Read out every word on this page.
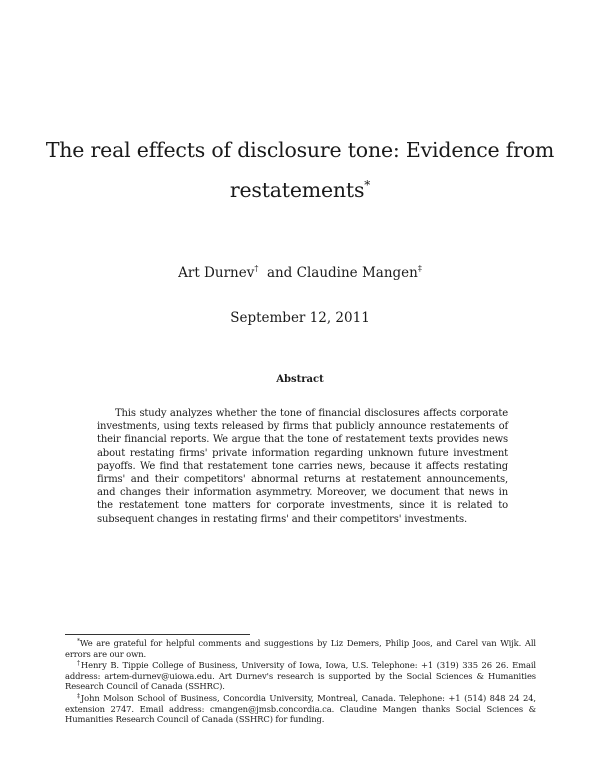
The real effects of disclosure tone: Evidence from
restatements*
Art Durnev† and Claudine Mangen‡
September 12, 2011
Abstract
This study analyzes whether the tone of financial disclosures affects corporate investments, using texts released by firms that publicly announce restatements of their financial reports. We argue that the tone of restatement texts provides news about restating firms' private information regarding unknown future investment payoffs. We find that restatement tone carries news, because it affects restating firms' and their competitors' abnormal returns at restatement announcements, and changes their information asymmetry. Moreover, we document that news in the restatement tone matters for corporate investments, since it is related to subsequent changes in restating firms' and their competitors' investments.

*We are grateful for helpful comments and suggestions by Liz Demers, Philip Joos, and Carel van Wijk. All errors are our own.

†Henry B. Tippie College of Business, University of Iowa, Iowa, U.S. Telephone: +1 (319) 335 26 26. Email address: artem-durnev@uiowa.edu. Art Durnev's research is supported by the Social Sciences & Humanities Research Council of Canada (SSHRC).

‡John Molson School of Business, Concordia University, Montreal, Canada. Telephone: +1 (514) 848 24 24, extension 2747. Email address: cmangen@jmsb.concordia.ca. Claudine Mangen thanks Social Sciences & Humanities Research Council of Canada (SSHRC) for funding.
